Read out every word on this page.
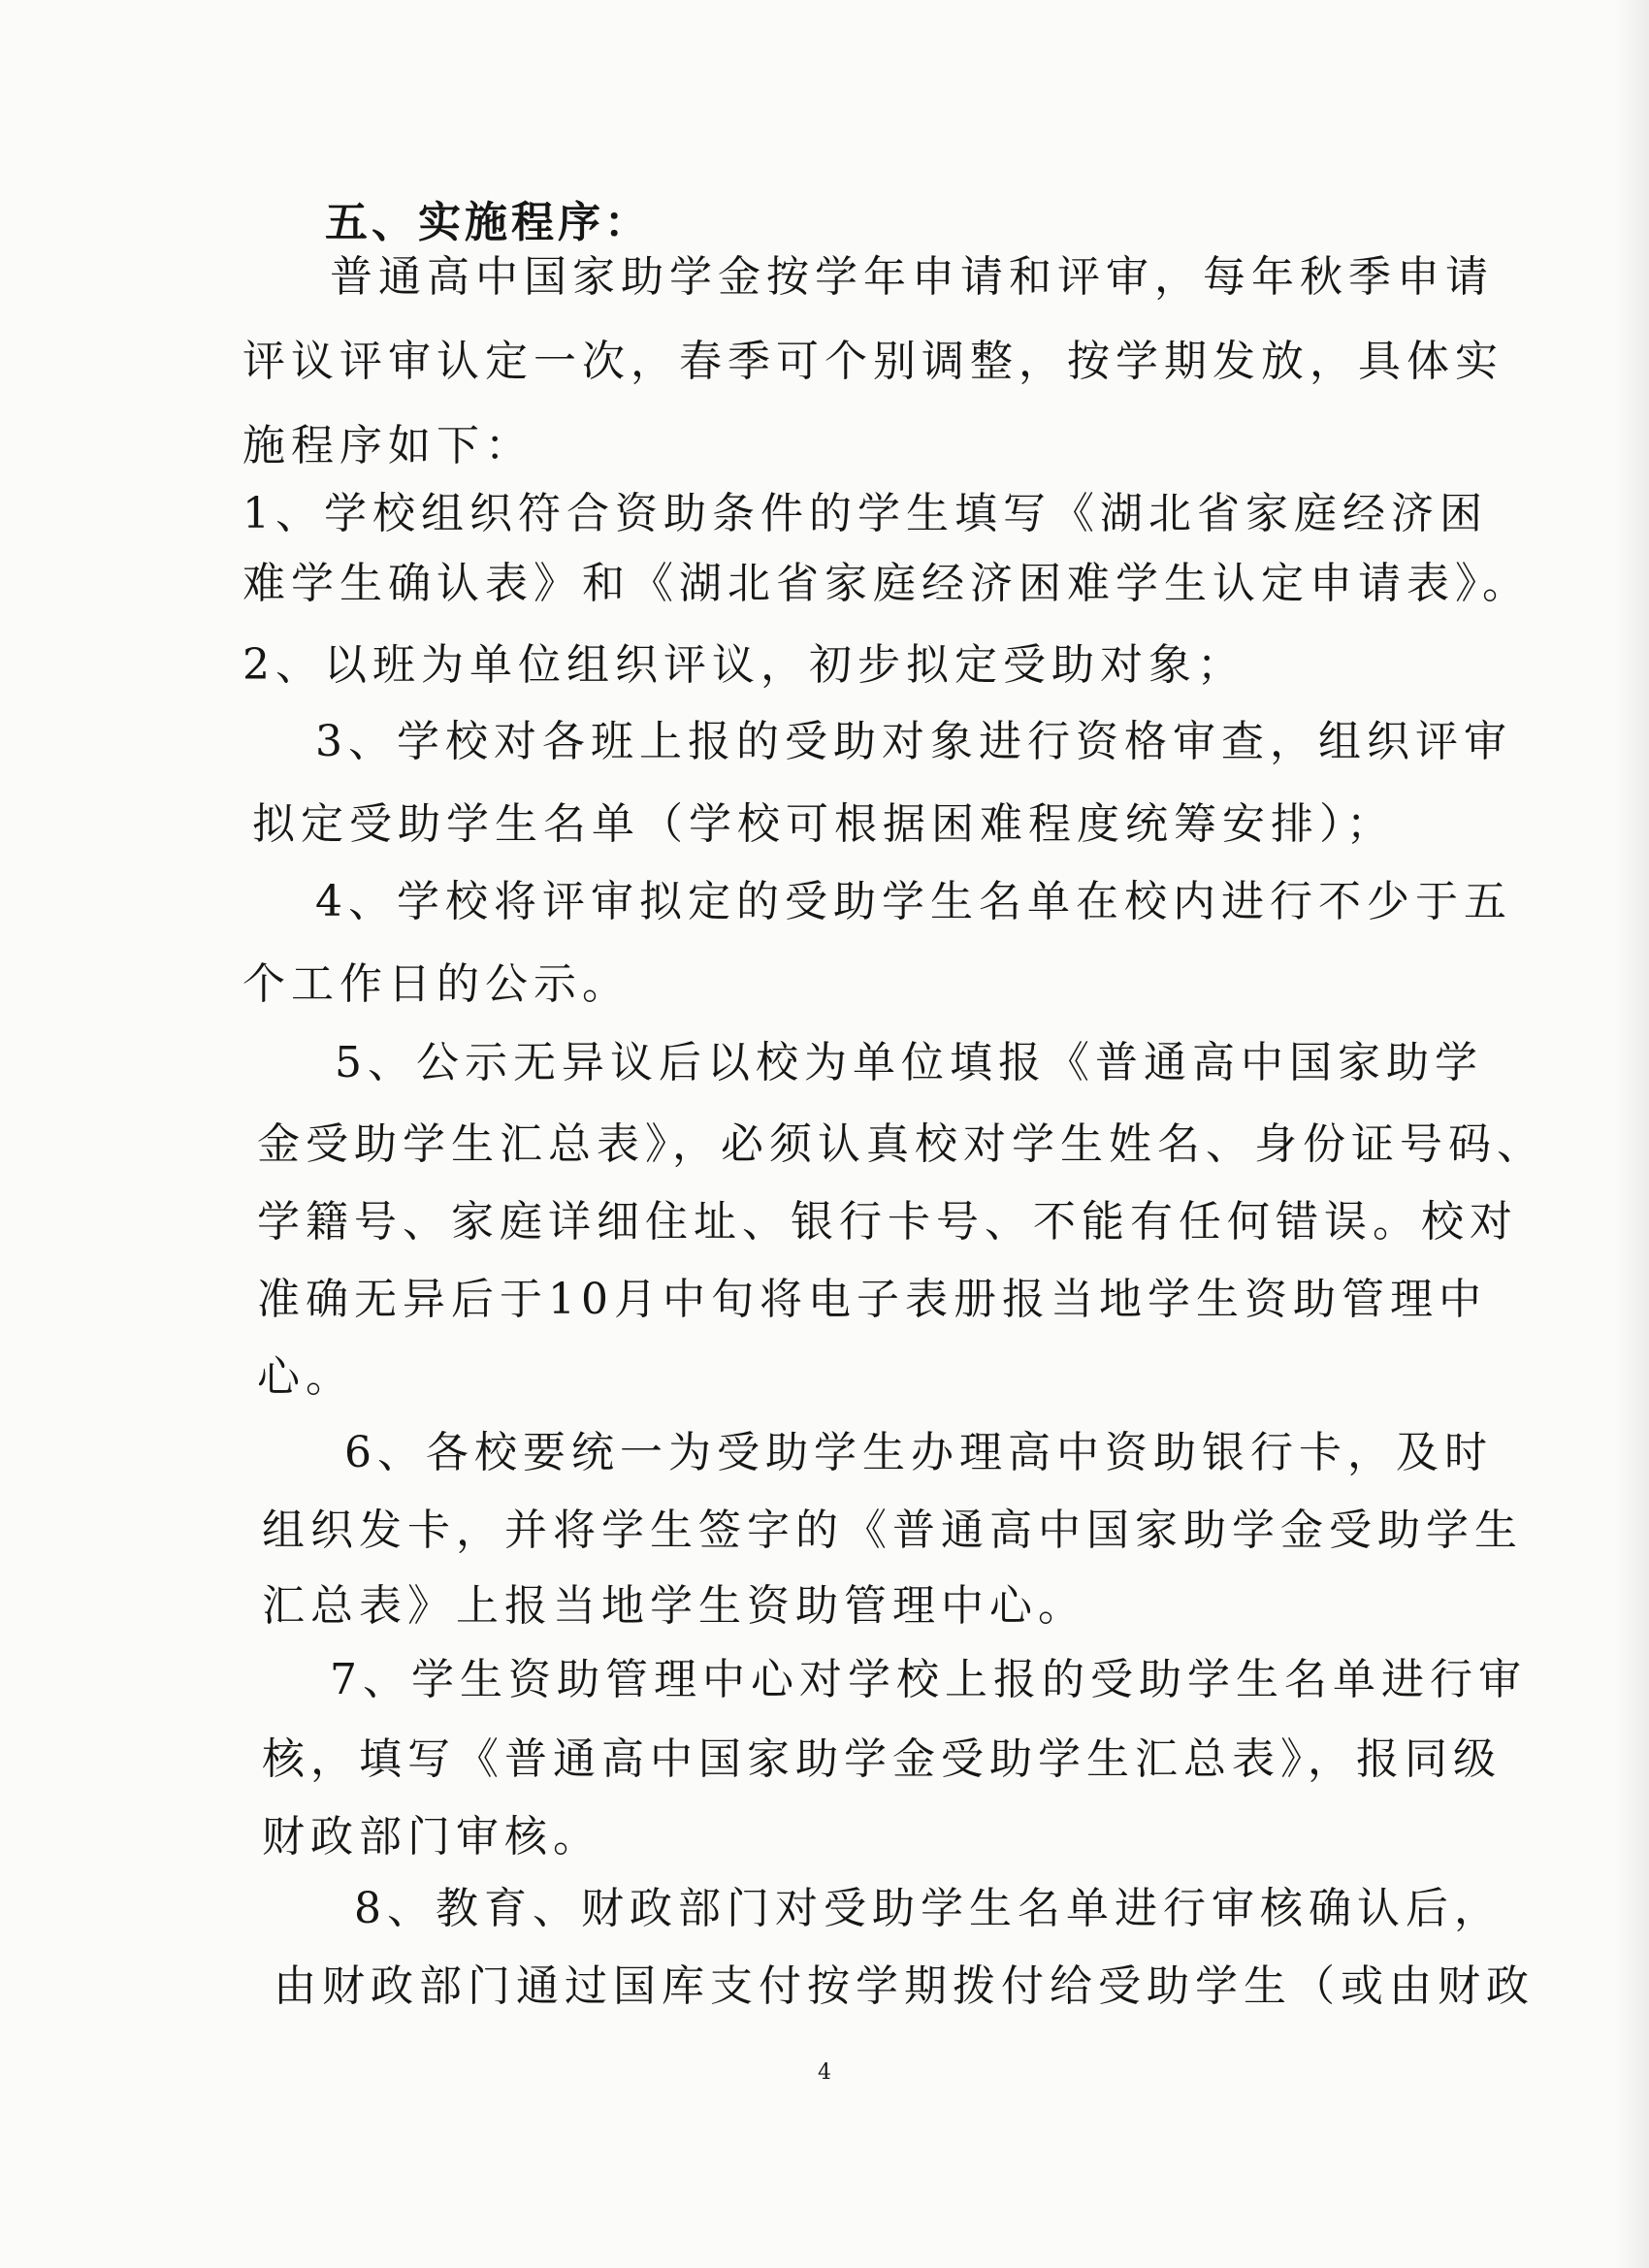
五、实施程序：

普通高中国家助学金按学年申请和评审，每年秋季申请

评议评审认定一次，春季可个别调整，按学期发放，具体实

施程序如下：

1、学校组织符合资助条件的学生填写《湖北省家庭经济困

难学生确认表》和《湖北省家庭经济困难学生认定申请表》。

2、以班为单位组织评议，初步拟定受助对象；

3、学校对各班上报的受助对象进行资格审查，组织评审

拟定受助学生名单（学校可根据困难程度统筹安排）；

4、学校将评审拟定的受助学生名单在校内进行不少于五

个工作日的公示。

5、公示无异议后以校为单位填报《普通高中国家助学

金受助学生汇总表》，必须认真校对学生姓名、身份证号码、

学籍号、家庭详细住址、银行卡号、不能有任何错误。校对

准确无异后于10月中旬将电子表册报当地学生资助管理中

心。

6、各校要统一为受助学生办理高中资助银行卡，及时

组织发卡，并将学生签字的《普通高中国家助学金受助学生

汇总表》上报当地学生资助管理中心。

7、学生资助管理中心对学校上报的受助学生名单进行审

核，填写《普通高中国家助学金受助学生汇总表》，报同级

财政部门审核。

8、教育、财政部门对受助学生名单进行审核确认后，

由财政部门通过国库支付按学期拨付给受助学生（或由财政

4
